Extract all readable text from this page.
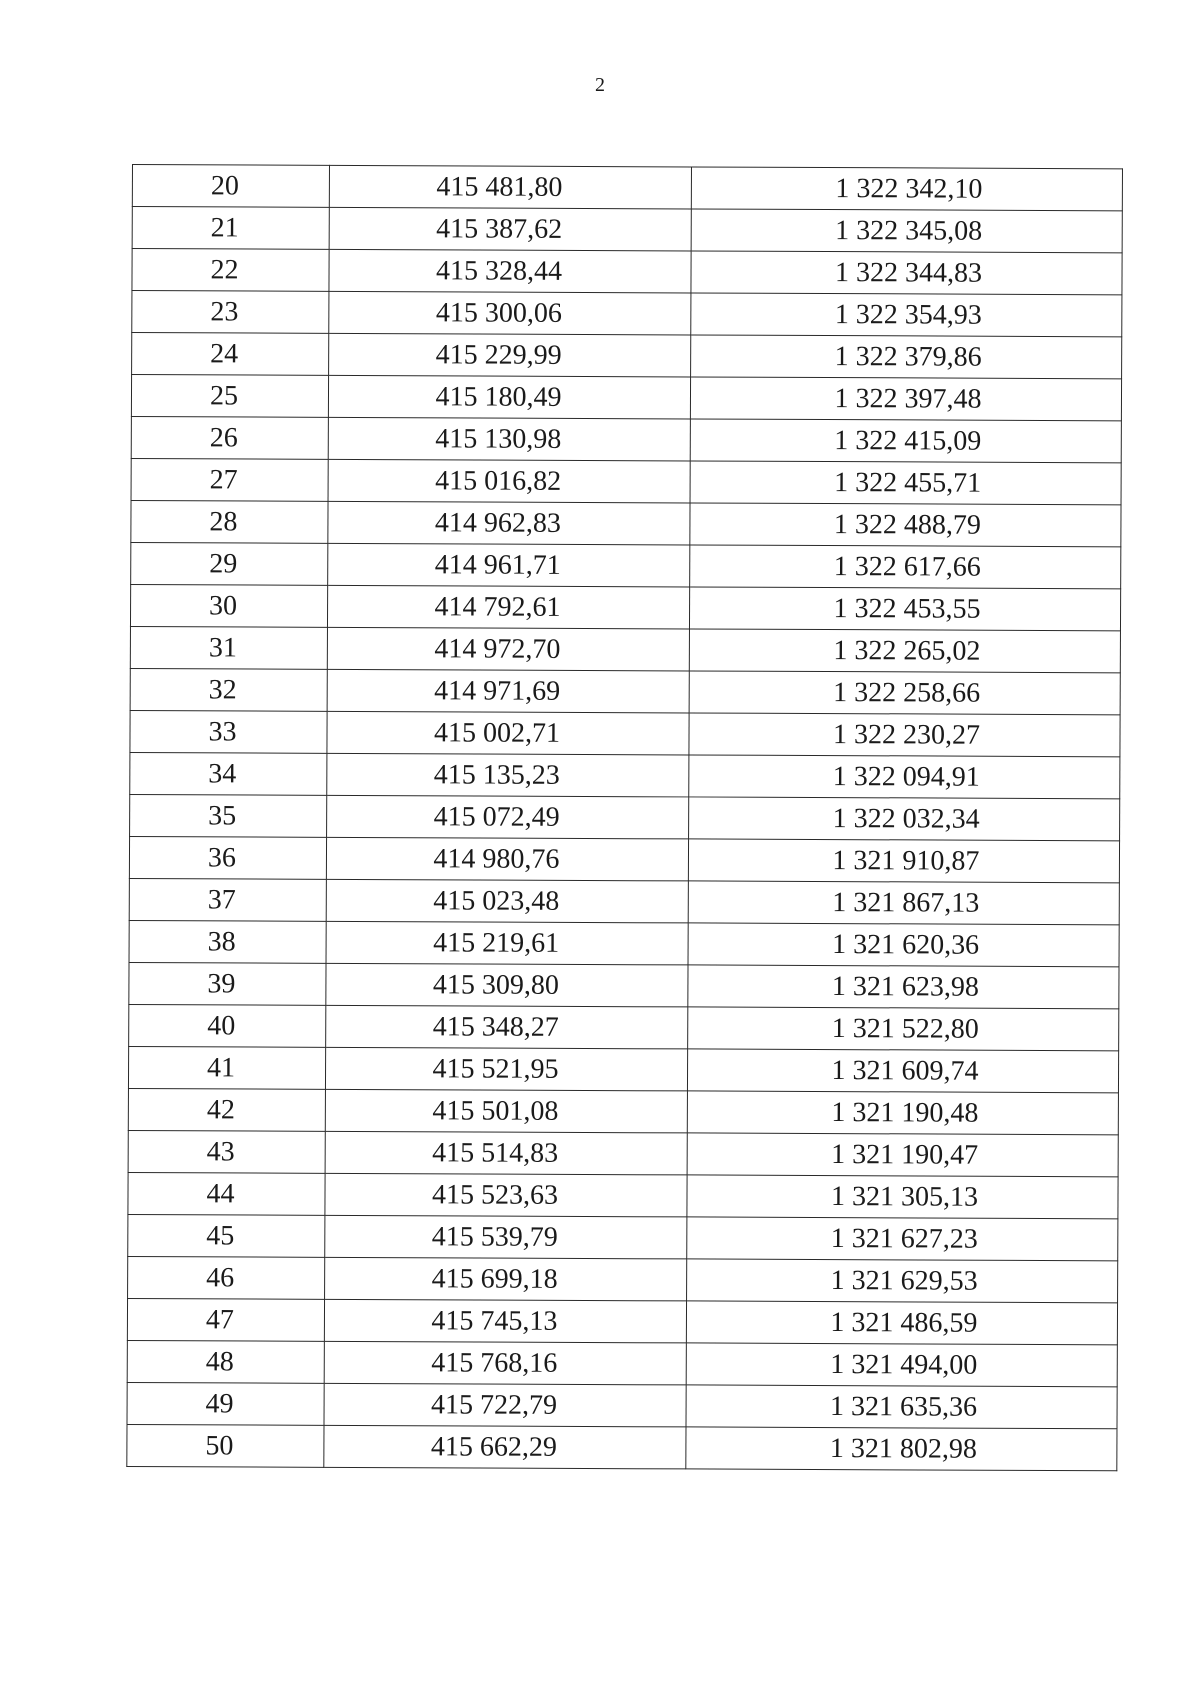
2
20	415 481,80	1 322 342,10
21	415 387,62	1 322 345,08
22	415 328,44	1 322 344,83
23	415 300,06	1 322 354,93
24	415 229,99	1 322 379,86
25	415 180,49	1 322 397,48
26	415 130,98	1 322 415,09
27	415 016,82	1 322 455,71
28	414 962,83	1 322 488,79
29	414 961,71	1 322 617,66
30	414 792,61	1 322 453,55
31	414 972,70	1 322 265,02
32	414 971,69	1 322 258,66
33	415 002,71	1 322 230,27
34	415 135,23	1 322 094,91
35	415 072,49	1 322 032,34
36	414 980,76	1 321 910,87
37	415 023,48	1 321 867,13
38	415 219,61	1 321 620,36
39	415 309,80	1 321 623,98
40	415 348,27	1 321 522,80
41	415 521,95	1 321 609,74
42	415 501,08	1 321 190,48
43	415 514,83	1 321 190,47
44	415 523,63	1 321 305,13
45	415 539,79	1 321 627,23
46	415 699,18	1 321 629,53
47	415 745,13	1 321 486,59
48	415 768,16	1 321 494,00
49	415 722,79	1 321 635,36
50	415 662,29	1 321 802,98
